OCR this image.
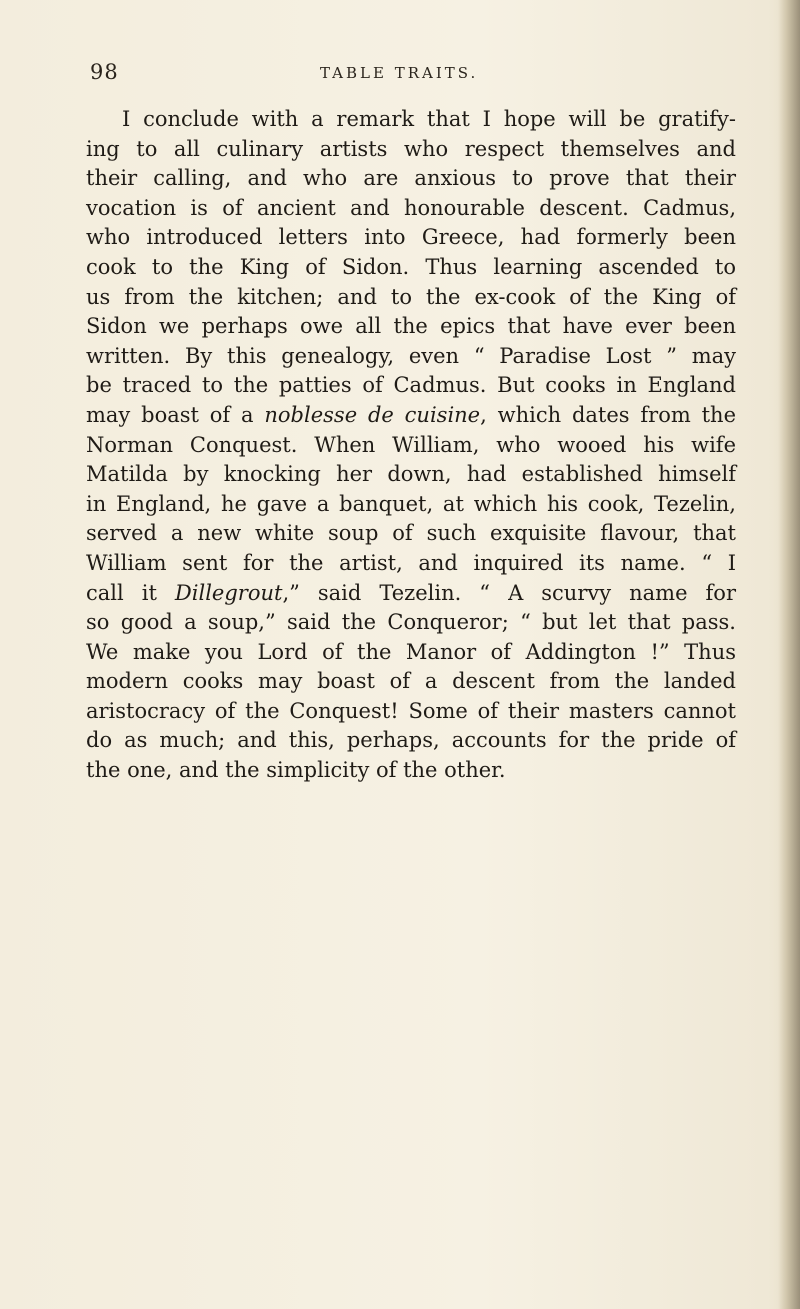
98	TABLE TRAITS.
I conclude with a remark that I hope will be gratify-
ing to all culinary artists who respect themselves and
their calling, and who are anxious to prove that their
vocation is of ancient and honourable descent. Cadmus,
who introduced letters into Greece, had formerly been
cook to the King of Sidon. Thus learning ascended to
us from the kitchen; and to the ex-cook of the King of
Sidon we perhaps owe all the epics that have ever been
written. By this genealogy, even “ Paradise Lost ” may
be traced to the patties of Cadmus. But cooks in England
may boast of a noblesse de cuisine, which dates from the
Norman Conquest. When William, who wooed his wife
Matilda by knocking her down, had established himself
in England, he gave a banquet, at which his cook, Tezelin,
served a new white soup of such exquisite flavour, that
William sent for the artist, and inquired its name. “ I
call it Dillegrout,” said Tezelin. “ A scurvy name for
so good a soup,” said the Conqueror; “ but let that pass.
We make you Lord of the Manor of Addington !” Thus
modern cooks may boast of a descent from the landed
aristocracy of the Conquest! Some of their masters cannot
do as much; and this, perhaps, accounts for the pride of
the one, and the simplicity of the other.
